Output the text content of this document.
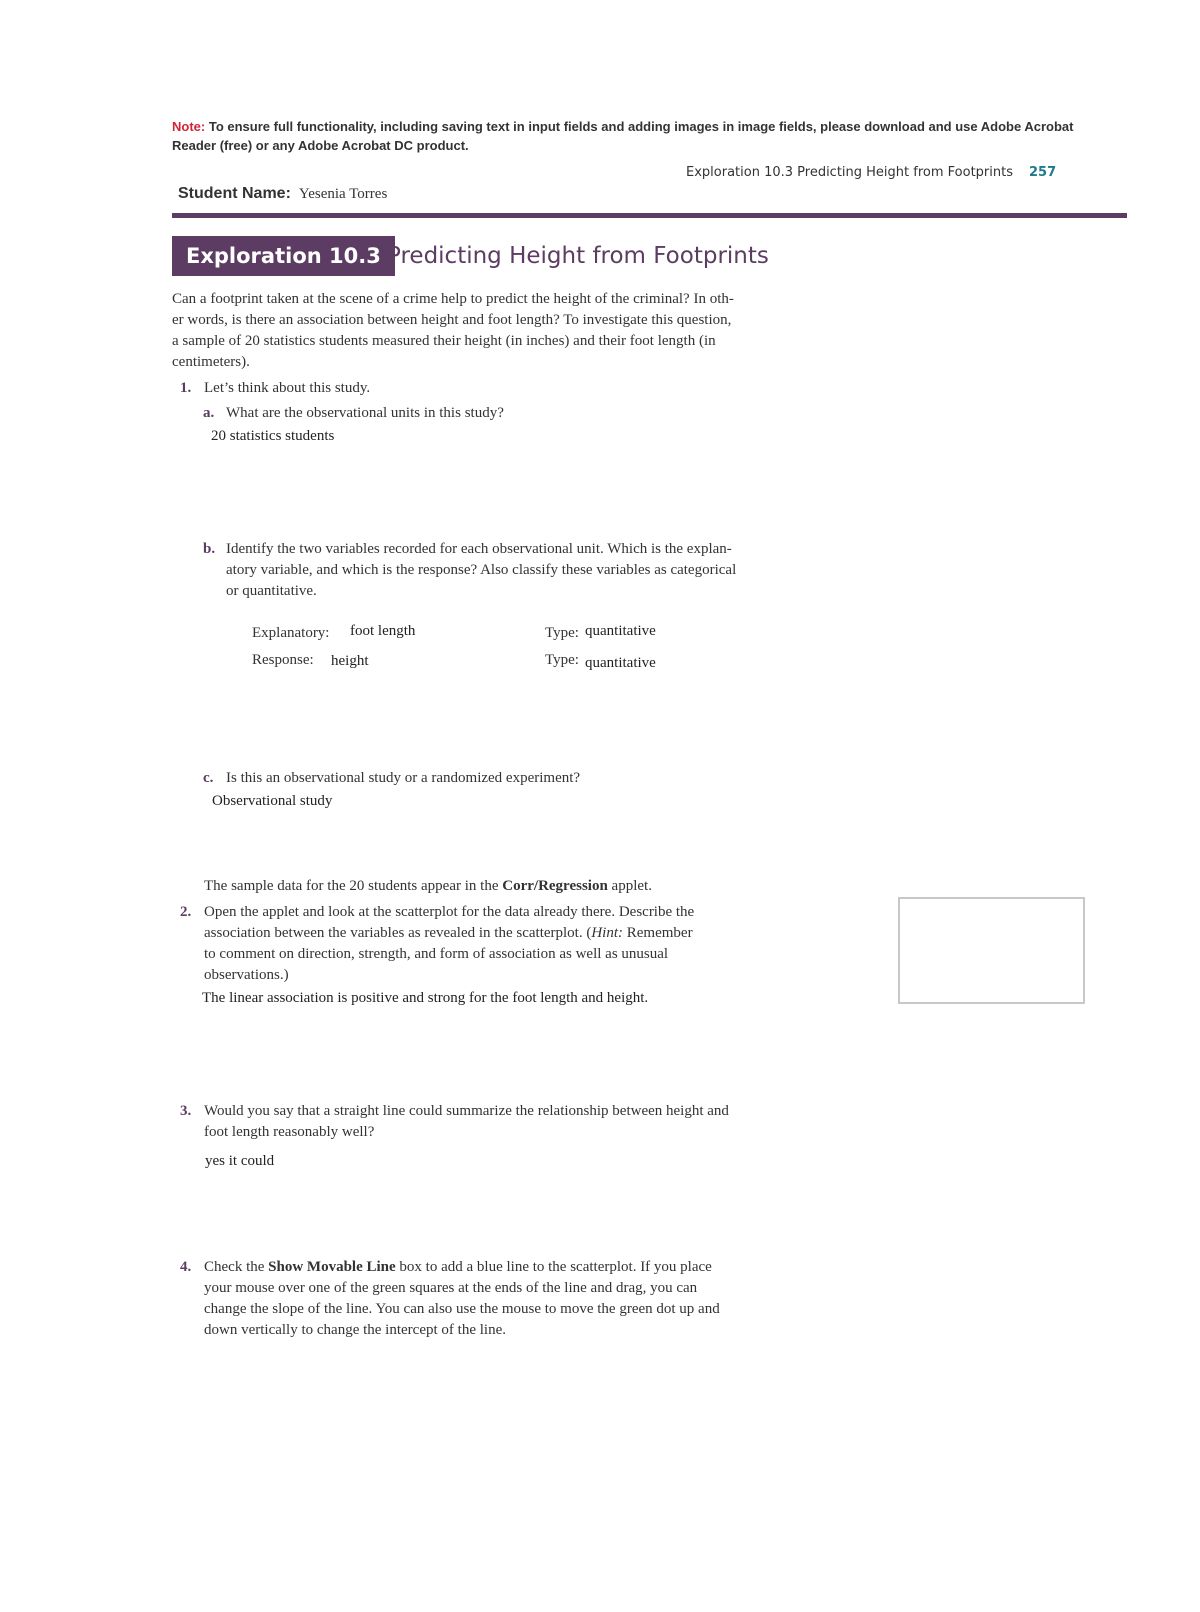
Note: To ensure full functionality, including saving text in input fields and adding images in image fields, please download and use Adobe Acrobat Reader (free) or any Adobe Acrobat DC product.
Exploration 10.3 Predicting Height from Footprints 257
Student Name: Yesenia Torres
Exploration 10.3 Predicting Height from Footprints
Can a footprint taken at the scene of a crime help to predict the height of the criminal? In oth-
er words, is there an association between height and foot length? To investigate this question,
a sample of 20 statistics students measured their height (in inches) and their foot length (in
centimeters).
1. Let’s think about this study.
a. What are the observational units in this study?
20 statistics students
b. Identify the two variables recorded for each observational unit. Which is the explan-
atory variable, and which is the response? Also classify these variables as categorical
or quantitative.
Explanatory: foot length	Type: quantitative
Response: height	Type: quantitative
c. Is this an observational study or a randomized experiment?
Observational study
The sample data for the 20 students appear in the Corr/Regression applet.
2. Open the applet and look at the scatterplot for the data already there. Describe the
association between the variables as revealed in the scatterplot. (Hint: Remember
to comment on direction, strength, and form of association as well as unusual
observations.)
The linear association is positive and strong for the foot length and height.
3. Would you say that a straight line could summarize the relationship between height and
foot length reasonably well?
yes it could
4. Check the Show Movable Line box to add a blue line to the scatterplot. If you place
your mouse over one of the green squares at the ends of the line and drag, you can
change the slope of the line. You can also use the mouse to move the green dot up and
down vertically to change the intercept of the line.
